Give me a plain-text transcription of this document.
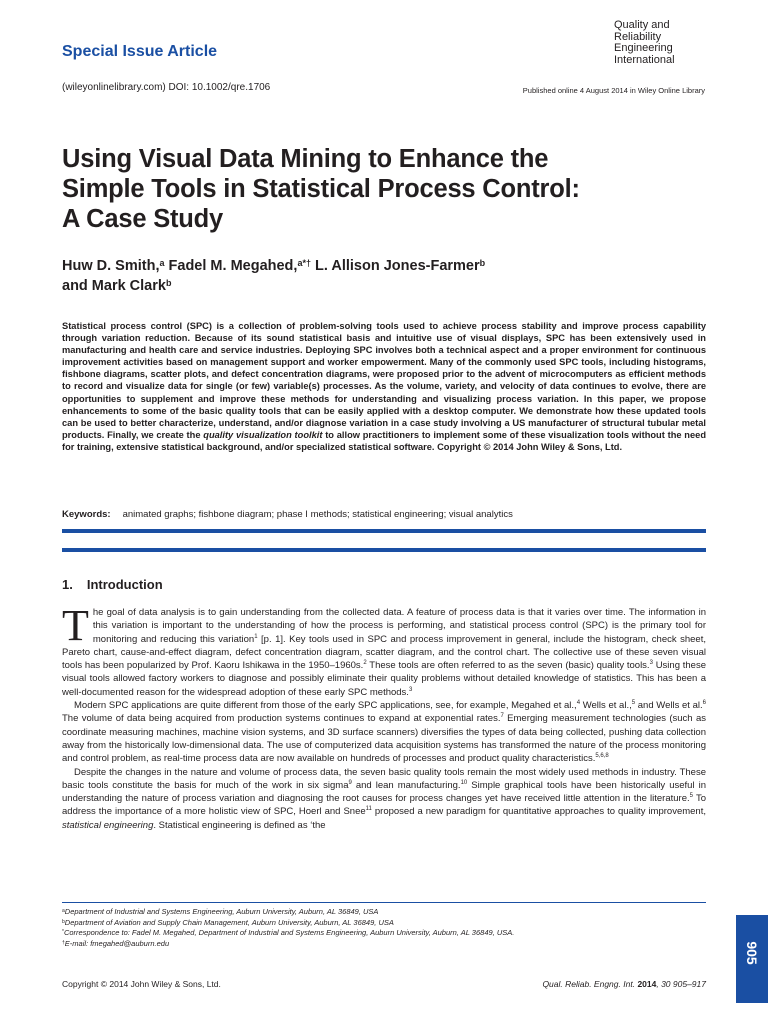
Special Issue Article
Quality and
Reliability
Engineering
International
(wileyonlinelibrary.com) DOI: 10.1002/qre.1706	Published online 4 August 2014 in Wiley Online Library
Using Visual Data Mining to Enhance the
Simple Tools in Statistical Process Control:
A Case Study
Huw D. Smith,$^a$ Fadel M. Megahed,$^{a*\dagger}$ L. Allison Jones-Farmer$^b$
and Mark Clark$^b$
Statistical process control (SPC) is a collection of problem-solving tools used to achieve process stability and improve process capability through variation reduction. Because of its sound statistical basis and intuitive use of visual displays, SPC has been extensively used in manufacturing and health care and service industries. Deploying SPC involves both a technical aspect and a proper environment for continuous improvement activities based on management support and worker empowerment. Many of the commonly used SPC tools, including histograms, fishbone diagrams, scatter plots, and defect concentration diagrams, were proposed prior to the advent of microcomputers as efficient methods to record and visualize data for single (or few) variable(s) processes. As the volume, variety, and velocity of data continues to evolve, there are opportunities to supplement and improve these methods for understanding and visualizing process variation. In this paper, we propose enhancements to some of the basic quality tools that can be easily applied with a desktop computer. We demonstrate how these updated tools can be used to better characterize, understand, and/or diagnose variation in a case study involving a US manufacturer of structural tubular metal products. Finally, we create the quality visualization toolkit to allow practitioners to implement some of these visualization tools without the need for training, extensive statistical background, and/or specialized statistical software. Copyright © 2014 John Wiley & Sons, Ltd.
Keywords: animated graphs; fishbone diagram; phase I methods; statistical engineering; visual analytics
1. Introduction

The goal of data analysis is to gain understanding from the collected data. A feature of process data is that it varies over time. The information in this variation is important to the understanding of how the process is performing, and statistical process control (SPC) is the primary tool for monitoring and reducing this variation$^1$ [p. 1]. Key tools used in SPC and process improvement in general, include the histogram, check sheet, Pareto chart, cause-and-effect diagram, defect concentration diagram, scatter diagram, and the control chart. The collective use of these seven visual tools has been popularized by Prof. Kaoru Ishikawa in the 1950–1960s.$^2$ These tools are often referred to as the seven (basic) quality tools.$^3$ Using these visual tools allowed factory workers to diagnose and possibly eliminate their quality problems without detailed knowledge of statistics. This has been a well-documented reason for the widespread adoption of these early SPC methods.$^3$

Modern SPC applications are quite different from those of the early SPC applications, see, for example, Megahed et al.,$^4$ Wells et al.,$^5$ and Wells et al.$^6$ The volume of data being acquired from production systems continues to expand at exponential rates.$^7$ Emerging measurement technologies (such as coordinate measuring machines, machine vision systems, and 3D surface scanners) diversifies the types of data being collected, pushing data collection away from the historically low-dimensional data. The use of computerized data acquisition systems has transformed the nature of the process monitoring and control problem, as real-time process data are now available on hundreds of processes and product quality characteristics.$^{5,6,8}$

Despite the changes in the nature and volume of process data, the seven basic quality tools remain the most widely used methods in industry. These basic tools constitute the basis for much of the work in six sigma$^9$ and lean manufacturing.$^{10}$ Simple graphical tools have been historically useful in understanding the nature of process variation and diagnosing the root causes for process changes yet have received little attention in the literature.$^5$ To address the importance of a more holistic view of SPC, Hoerl and Snee$^{11}$ proposed a new paradigm for quantitative approaches to quality improvement, statistical engineering. Statistical engineering is defined as ‘the

$^a$Department of Industrial and Systems Engineering, Auburn University, Auburn, AL 36849, USA
$^b$Department of Aviation and Supply Chain Management, Auburn University, Auburn, AL 36849, USA
*Correspondence to: Fadel M. Megahed, Department of Industrial and Systems Engineering, Auburn University, Auburn, AL 36849, USA.
†E-mail: fmegahed@auburn.edu
Copyright © 2014 John Wiley & Sons, Ltd.	Qual. Reliab. Engng. Int. 2014, 30 905–917
905
